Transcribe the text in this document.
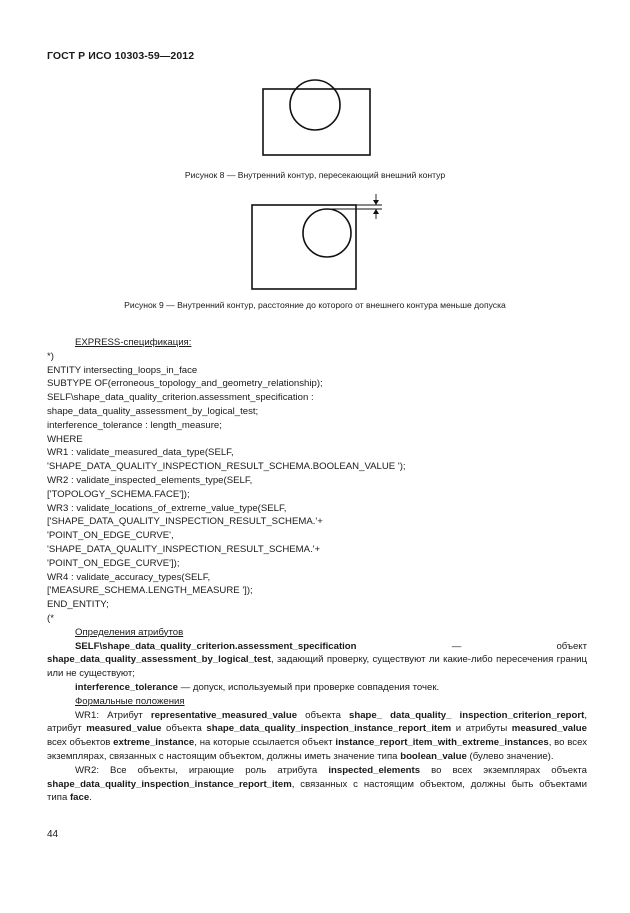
ГОСТ Р ИСО 10303-59—2012
Рисунок 8 — Внутренний контур, пересекающий внешний контур
Рисунок 9 — Внутренний контур, расстояние до которого от внешнего контура меньше допуска
EXPRESS-спецификация:
*)
ENTITY intersecting_loops_in_face
SUBTYPE OF(erroneous_topology_and_geometry_relationship);
SELF\shape_data_quality_criterion.assessment_specification :
shape_data_quality_assessment_by_logical_test;
interference_tolerance : length_measure;
WHERE
WR1 : validate_measured_data_type(SELF,
'SHAPE_DATA_QUALITY_INSPECTION_RESULT_SCHEMA.BOOLEAN_VALUE ');
WR2 : validate_inspected_elements_type(SELF,
['TOPOLOGY_SCHEMA.FACE']);
WR3 : validate_locations_of_extreme_value_type(SELF,
['SHAPE_DATA_QUALITY_INSPECTION_RESULT_SCHEMA.'+
'POINT_ON_EDGE_CURVE',
'SHAPE_DATA_QUALITY_INSPECTION_RESULT_SCHEMA.'+
'POINT_ON_EDGE_CURVE']);
WR4 : validate_accuracy_types(SELF,
['MEASURE_SCHEMA.LENGTH_MEASURE ']);
END_ENTITY;
(*
Определения атрибутов
SELF\shape_data_quality_criterion.assessment_specification — объект shape_data_quality_assessment_by_logical_test, задающий проверку, существуют ли какие-либо пересечения границ или не существуют;
interference_tolerance — допуск, используемый при проверке совпадения точек.
Формальные положения
WR1: Атрибут representative_measured_value объекта shape_ data_quality_ inspection_criterion_report, атрибут measured_value объекта shape_data_quality_inspection_instance_report_item и атрибуты measured_value всех объектов extreme_instance, на которые ссылается объект instance_report_item_with_extreme_instances, во всех экземплярах, связанных с настоящим объектом, должны иметь значение типа boolean_value (булево значение).
WR2: Все объекты, играющие роль атрибута inspected_elements во всех экземплярах объекта shape_data_quality_inspection_instance_report_item, связанных с настоящим объектом, должны быть объектами типа face.
44
